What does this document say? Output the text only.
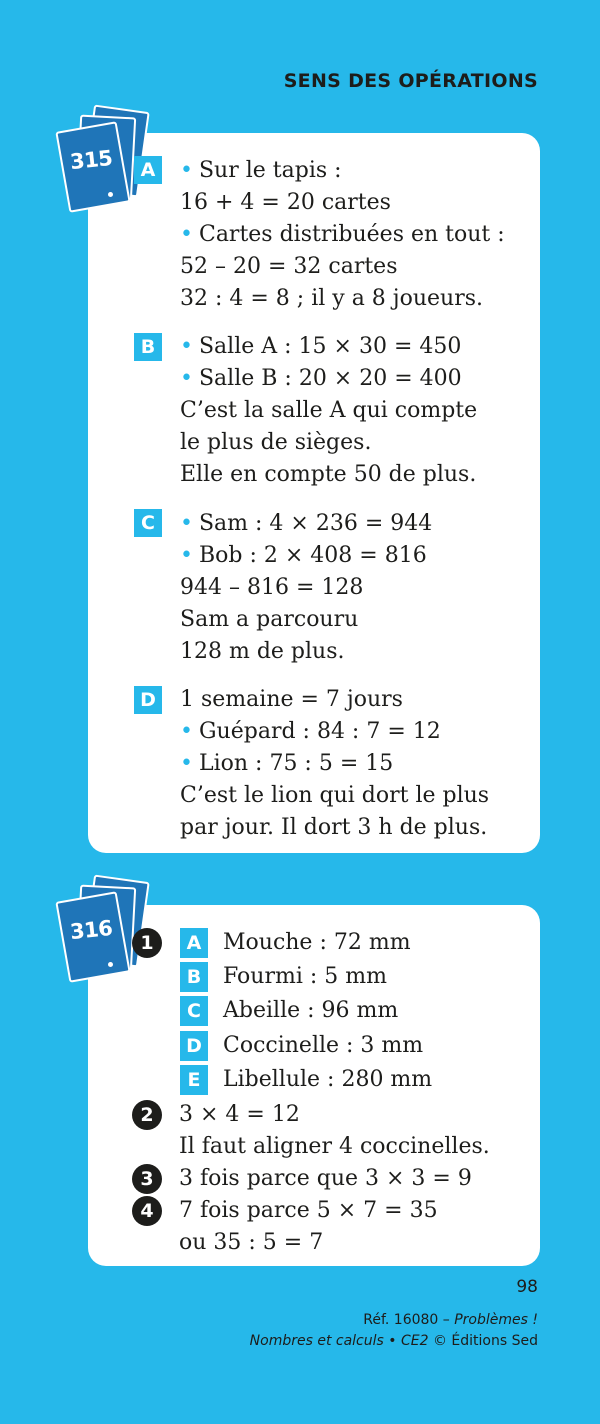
SENS DES OPÉRATIONS
315	A	• Sur le tapis :
16 + 4 = 20 cartes
• Cartes distribuées en tout :
52 – 20 = 32 cartes
32 : 4 = 8 ; il y a 8 joueurs.
B	• Salle A : 15 × 30 = 450
• Salle B : 20 × 20 = 400
C’est la salle A qui compte
le plus de sièges.
Elle en compte 50 de plus.
C	• Sam : 4 × 236 = 944
• Bob : 2 × 408 = 816
944 – 816 = 128
Sam a parcouru
128 m de plus.
D 1 semaine = 7 jours
• Guépard : 84 : 7 = 12
• Lion : 75 : 5 = 15
C’est le lion qui dort le plus
par jour. Il dort 3 h de plus.
316	1	A Mouche : 72 mm
B Fourmi : 5 mm
C	Abeille : 96 mm
D Coccinelle : 3 mm
E	Libellule : 280 mm
2	3 × 4 = 12
Il faut aligner 4 coccinelles.
3	3 fois parce que 3 × 3 = 9
4	7 fois parce 5 × 7 = 35
ou 35 : 5 = 7
98
Réf. 16080 – Problèmes !
Nombres et calculs • CE2 © Éditions Sed
